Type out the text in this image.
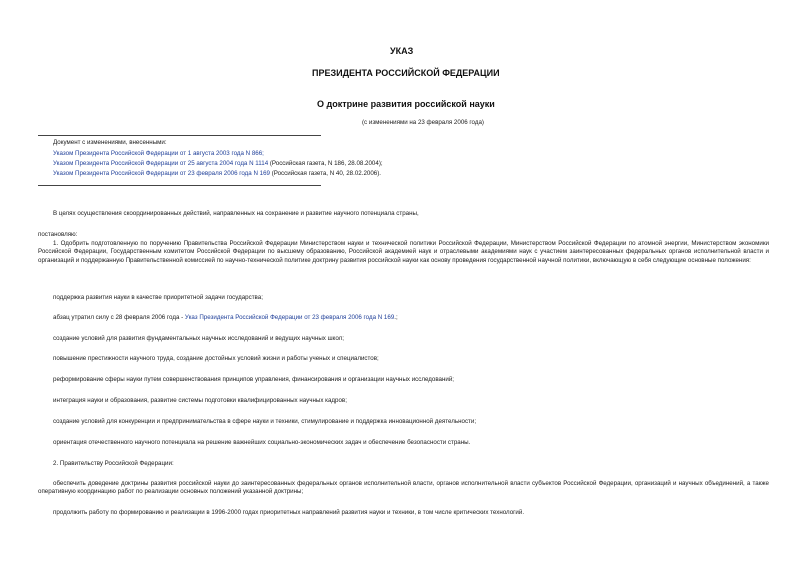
УКАЗ
ПРЕЗИДЕНТА РОССИЙСКОЙ ФЕДЕРАЦИИ
О доктрине развития российской науки
(с изменениями на 23 февраля 2006 года)
Документ с изменениями, внесенными:
Указом Президента Российской Федерации от 1 августа 2003 года N 866;
Указом Президента Российской Федерации от 25 августа 2004 года N 1114 (Российская газета, N 186, 28.08.2004);
Указом Президента Российской Федерации от 23 февраля 2006 года N 169 (Российская газета, N 40, 28.02.2006).
В целях осуществления скоординированных действий, направленных на сохранение и развитие научного потенциала страны,
постановляю:
1. Одобрить подготовленную по поручению Правительства Российской Федерации Министерством науки и технической политики Российской Федерации, Министерством Российской Федерации по атомной энергии, Министерством экономики Российской Федерации, Государственным комитетом Российской Федерации по высшему образованию, Российской академией наук и отраслевыми академиями наук с участием заинтересованных федеральных органов исполнительной власти и организаций и поддержанную Правительственной комиссией по научно-технической политике доктрину развития российской науки как основу проведения государственной научной политики, включающую в себя следующие основные положения:
поддержка развития науки в качестве приоритетной задачи государства;
абзац утратил силу с 28 февраля 2006 года - Указ Президента Российской Федерации от 23 февраля 2006 года N 169.;
создание условий для развития фундаментальных научных исследований и ведущих научных школ;
повышение престижности научного труда, создание достойных условий жизни и работы ученых и специалистов;
реформирование сферы науки путем совершенствования принципов управления, финансирования и организации научных исследований;
интеграция науки и образования, развитие системы подготовки квалифицированных научных кадров;
создание условий для конкуренции и предпринимательства в сфере науки и техники, стимулирование и поддержка инновационной деятельности;
ориентация отечественного научного потенциала на решение важнейших социально-экономических задач и обеспечение безопасности страны.
2. Правительству Российской Федерации:
обеспечить доведение доктрины развития российской науки до заинтересованных федеральных органов исполнительной власти, органов исполнительной власти субъектов Российской Федерации, организаций и научных объединений, а также оперативную координацию работ по реализации основных положений указанной доктрины;
продолжить работу по формированию и реализации в 1996-2000 годах приоритетных направлений развития науки и техники, в том числе критических технологий.
